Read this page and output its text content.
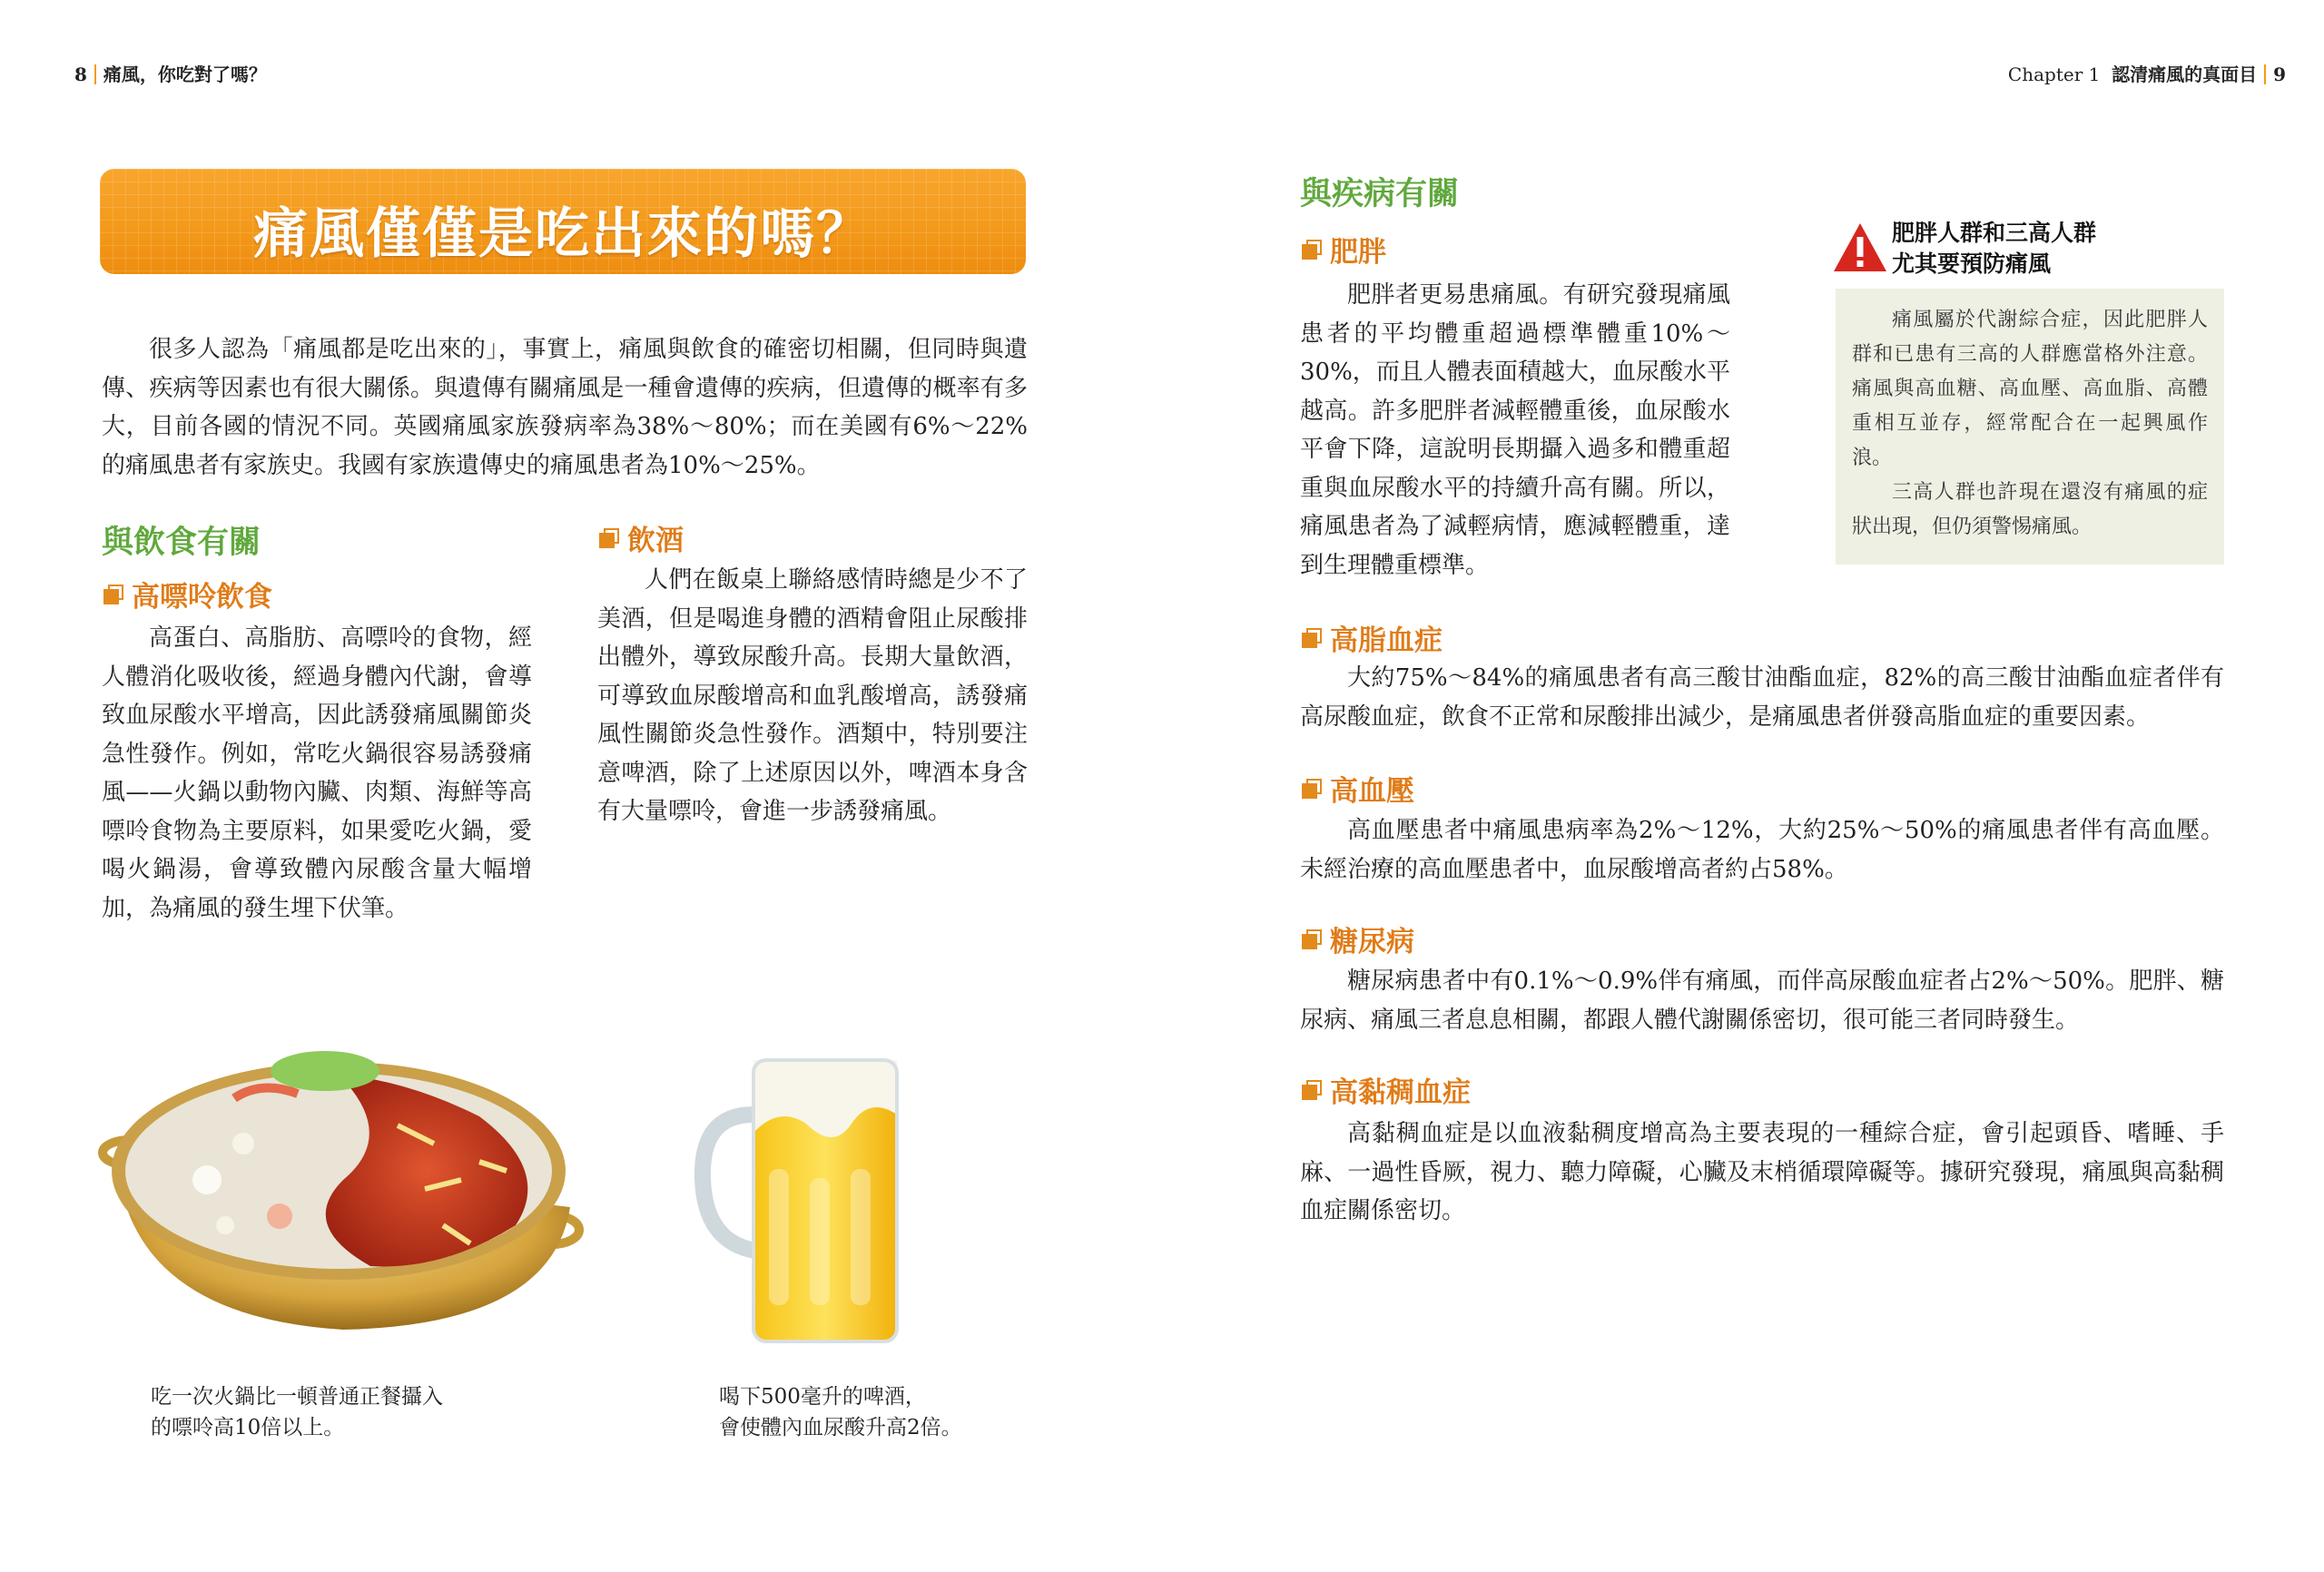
8 痛風，你吃對了嗎？	Chapter 1 認清痛風的真面目 9
痛風僅僅是吃出來的嗎？

很多人認為「痛風都是吃出來的」，事實上，痛風與飲食的確密切相關，但同時與遺傳、疾病等因素也有很大關係。與遺傳有關痛風是一種會遺傳的疾病，但遺傳的概率有多大，目前各國的情況不同。英國痛風家族發病率為38%～80%；而在美國有6%～22%的痛風患者有家族史。我國有家族遺傳史的痛風患者為10%～25%。

與飲食有關
高嘌呤飲食

高蛋白、高脂肪、高嘌呤的食物，經人體消化吸收後，經過身體內代謝，會導致血尿酸水平增高，因此誘發痛風關節炎急性發作。例如，常吃火鍋很容易誘發痛風——火鍋以動物內臟、肉類、海鮮等高嘌呤食物為主要原料，如果愛吃火鍋，愛喝火鍋湯，會導致體內尿酸含量大幅增加，為痛風的發生埋下伏筆。

飲酒

人們在飯桌上聯絡感情時總是少不了美酒，但是喝進身體的酒精會阻止尿酸排出體外，導致尿酸升高。長期大量飲酒，可導致血尿酸增高和血乳酸增高，誘發痛風性關節炎急性發作。酒類中，特別要注意啤酒，除了上述原因以外，啤酒本身含有大量嘌呤，會進一步誘發痛風。

吃一次火鍋比一頓普通正餐攝入
的嘌呤高10倍以上。
喝下500毫升的啤酒，
會使體內血尿酸升高2倍。
與疾病有關
肥胖

肥胖者更易患痛風。有研究發現痛風患者的平均體重超過標準體重10%～30%，而且人體表面積越大，血尿酸水平越高。許多肥胖者減輕體重後，血尿酸水平會下降，這說明長期攝入過多和體重超重與血尿酸水平的持續升高有關。所以，痛風患者為了減輕病情，應減輕體重，達到生理體重標準。

肥胖人群和三高人群
尤其要預防痛風

痛風屬於代謝綜合症，因此肥胖人群和已患有三高的人群應當格外注意。痛風與高血糖、高血壓、高血脂、高體重相互並存，經常配合在一起興風作浪。

三高人群也許現在還沒有痛風的症狀出現，但仍須警惕痛風。

高脂血症

大約75%～84%的痛風患者有高三酸甘油酯血症，82%的高三酸甘油酯血症者伴有高尿酸血症，飲食不正常和尿酸排出減少，是痛風患者併發高脂血症的重要因素。

高血壓

高血壓患者中痛風患病率為2%～12%，大約25%～50%的痛風患者伴有高血壓。未經治療的高血壓患者中，血尿酸增高者約占58%。

糖尿病

糖尿病患者中有0.1%～0.9%伴有痛風，而伴高尿酸血症者占2%～50%。肥胖、糖尿病、痛風三者息息相關，都跟人體代謝關係密切，很可能三者同時發生。

高黏稠血症

高黏稠血症是以血液黏稠度增高為主要表現的一種綜合症，會引起頭昏、嗜睡、手麻、一過性昏厥，視力、聽力障礙，心臟及末梢循環障礙等。據研究發現，痛風與高黏稠血症關係密切。
